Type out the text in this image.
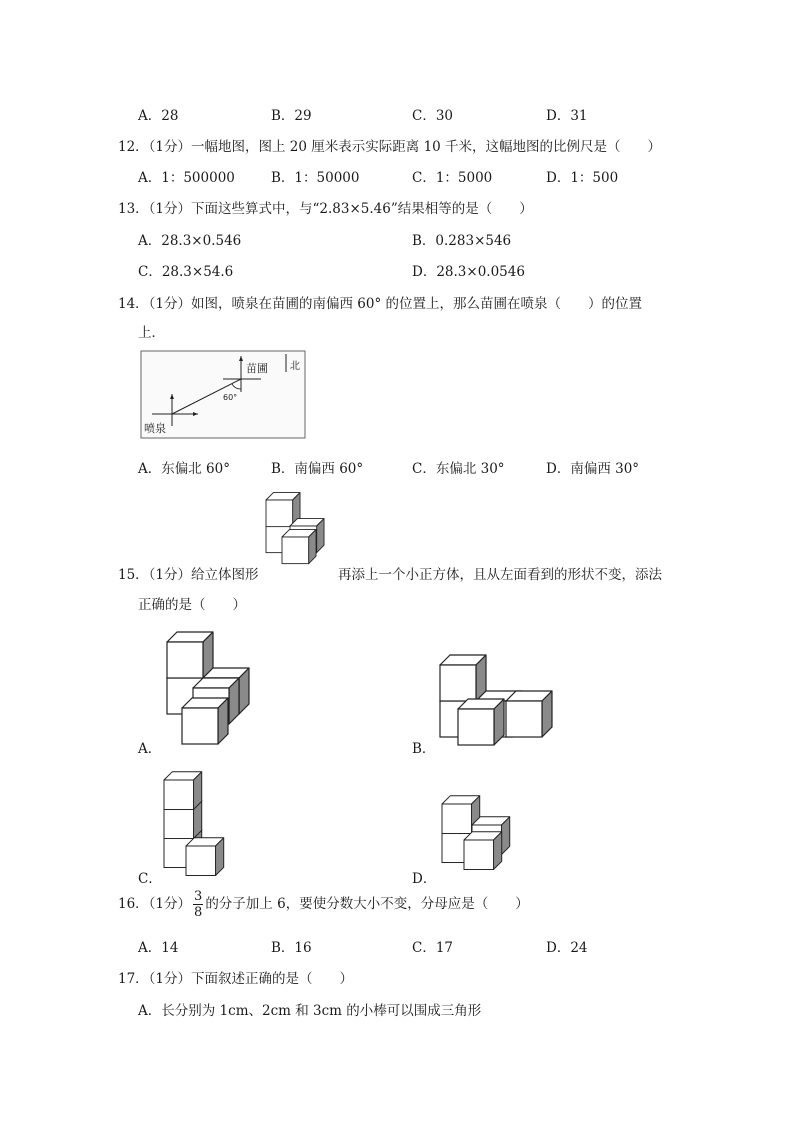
A．28	B．29	C．30	D．31
12．（1分）一幅地图，图上 20 厘米表示实际距离 10 千米，这幅地图的比例尺是（　　）
A．1：500000	B．1：50000	C．1：5000	D．1：500
13．（1分）下面这些算式中，与“2.83×5.46”结果相等的是（　　）
A．28.3×0.546	B．0.283×546
C．28.3×54.6	D．28.3×0.0546
14．（1分）如图，喷泉在苗圃的南偏西 60° 的位置上，那么苗圃在喷泉（　　）的位置
上．
北
60°
苗圃
喷泉
A．东偏北 60°	B．南偏西 60°	C．东偏北 30°	D．南偏西 30°
15．（1分）给立体图形	再添上一个小正方体，且从左面看到的形状不变，添法
正确的是（　　）
A．	B．
C．	D．
16．（1分） $\frac{3}{8}$ 的分子加上 6，要使分数大小不变，分母应是（　　）
A．14	B．16	C．17	D．24
17．（1分）下面叙述正确的是（　　）
A．长分别为 1cm、2cm 和 3cm 的小棒可以围成三角形
